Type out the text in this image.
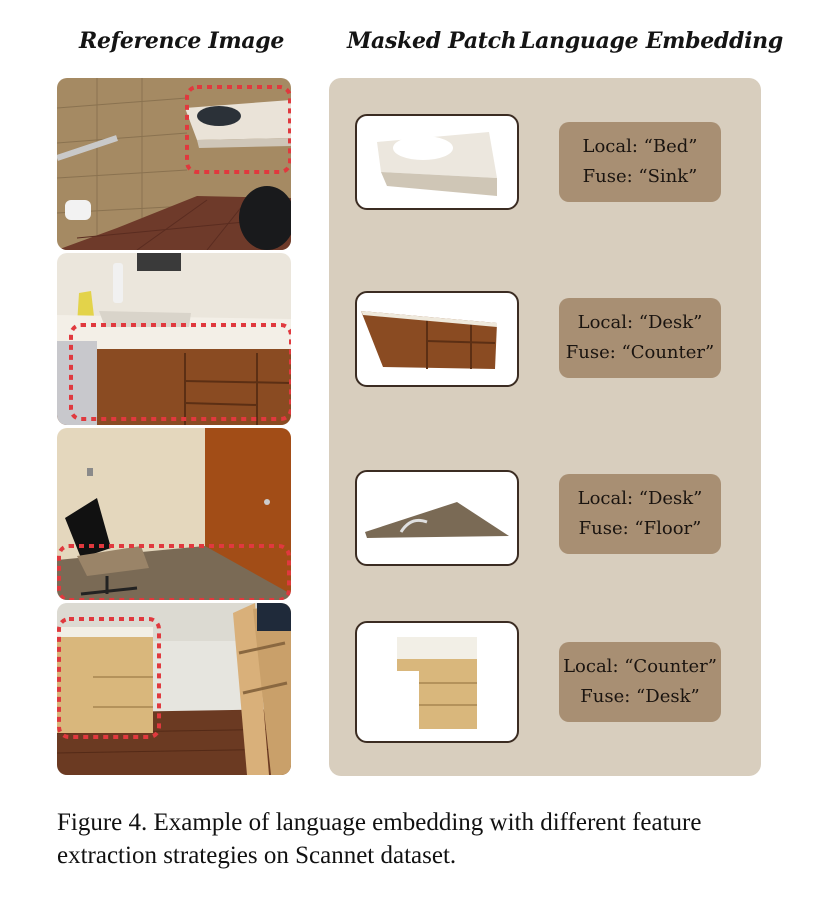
Reference Image	Masked Patch Language Embedding
Local: “Bed”
Fuse: “Sink”
Local: “Desk”
Fuse: “Counter”
Local: “Desk”
Fuse: “Floor”
Local: “Counter”
Fuse: “Desk”
Figure 4. Example of language embedding with different feature extraction strategies on Scannet dataset.
